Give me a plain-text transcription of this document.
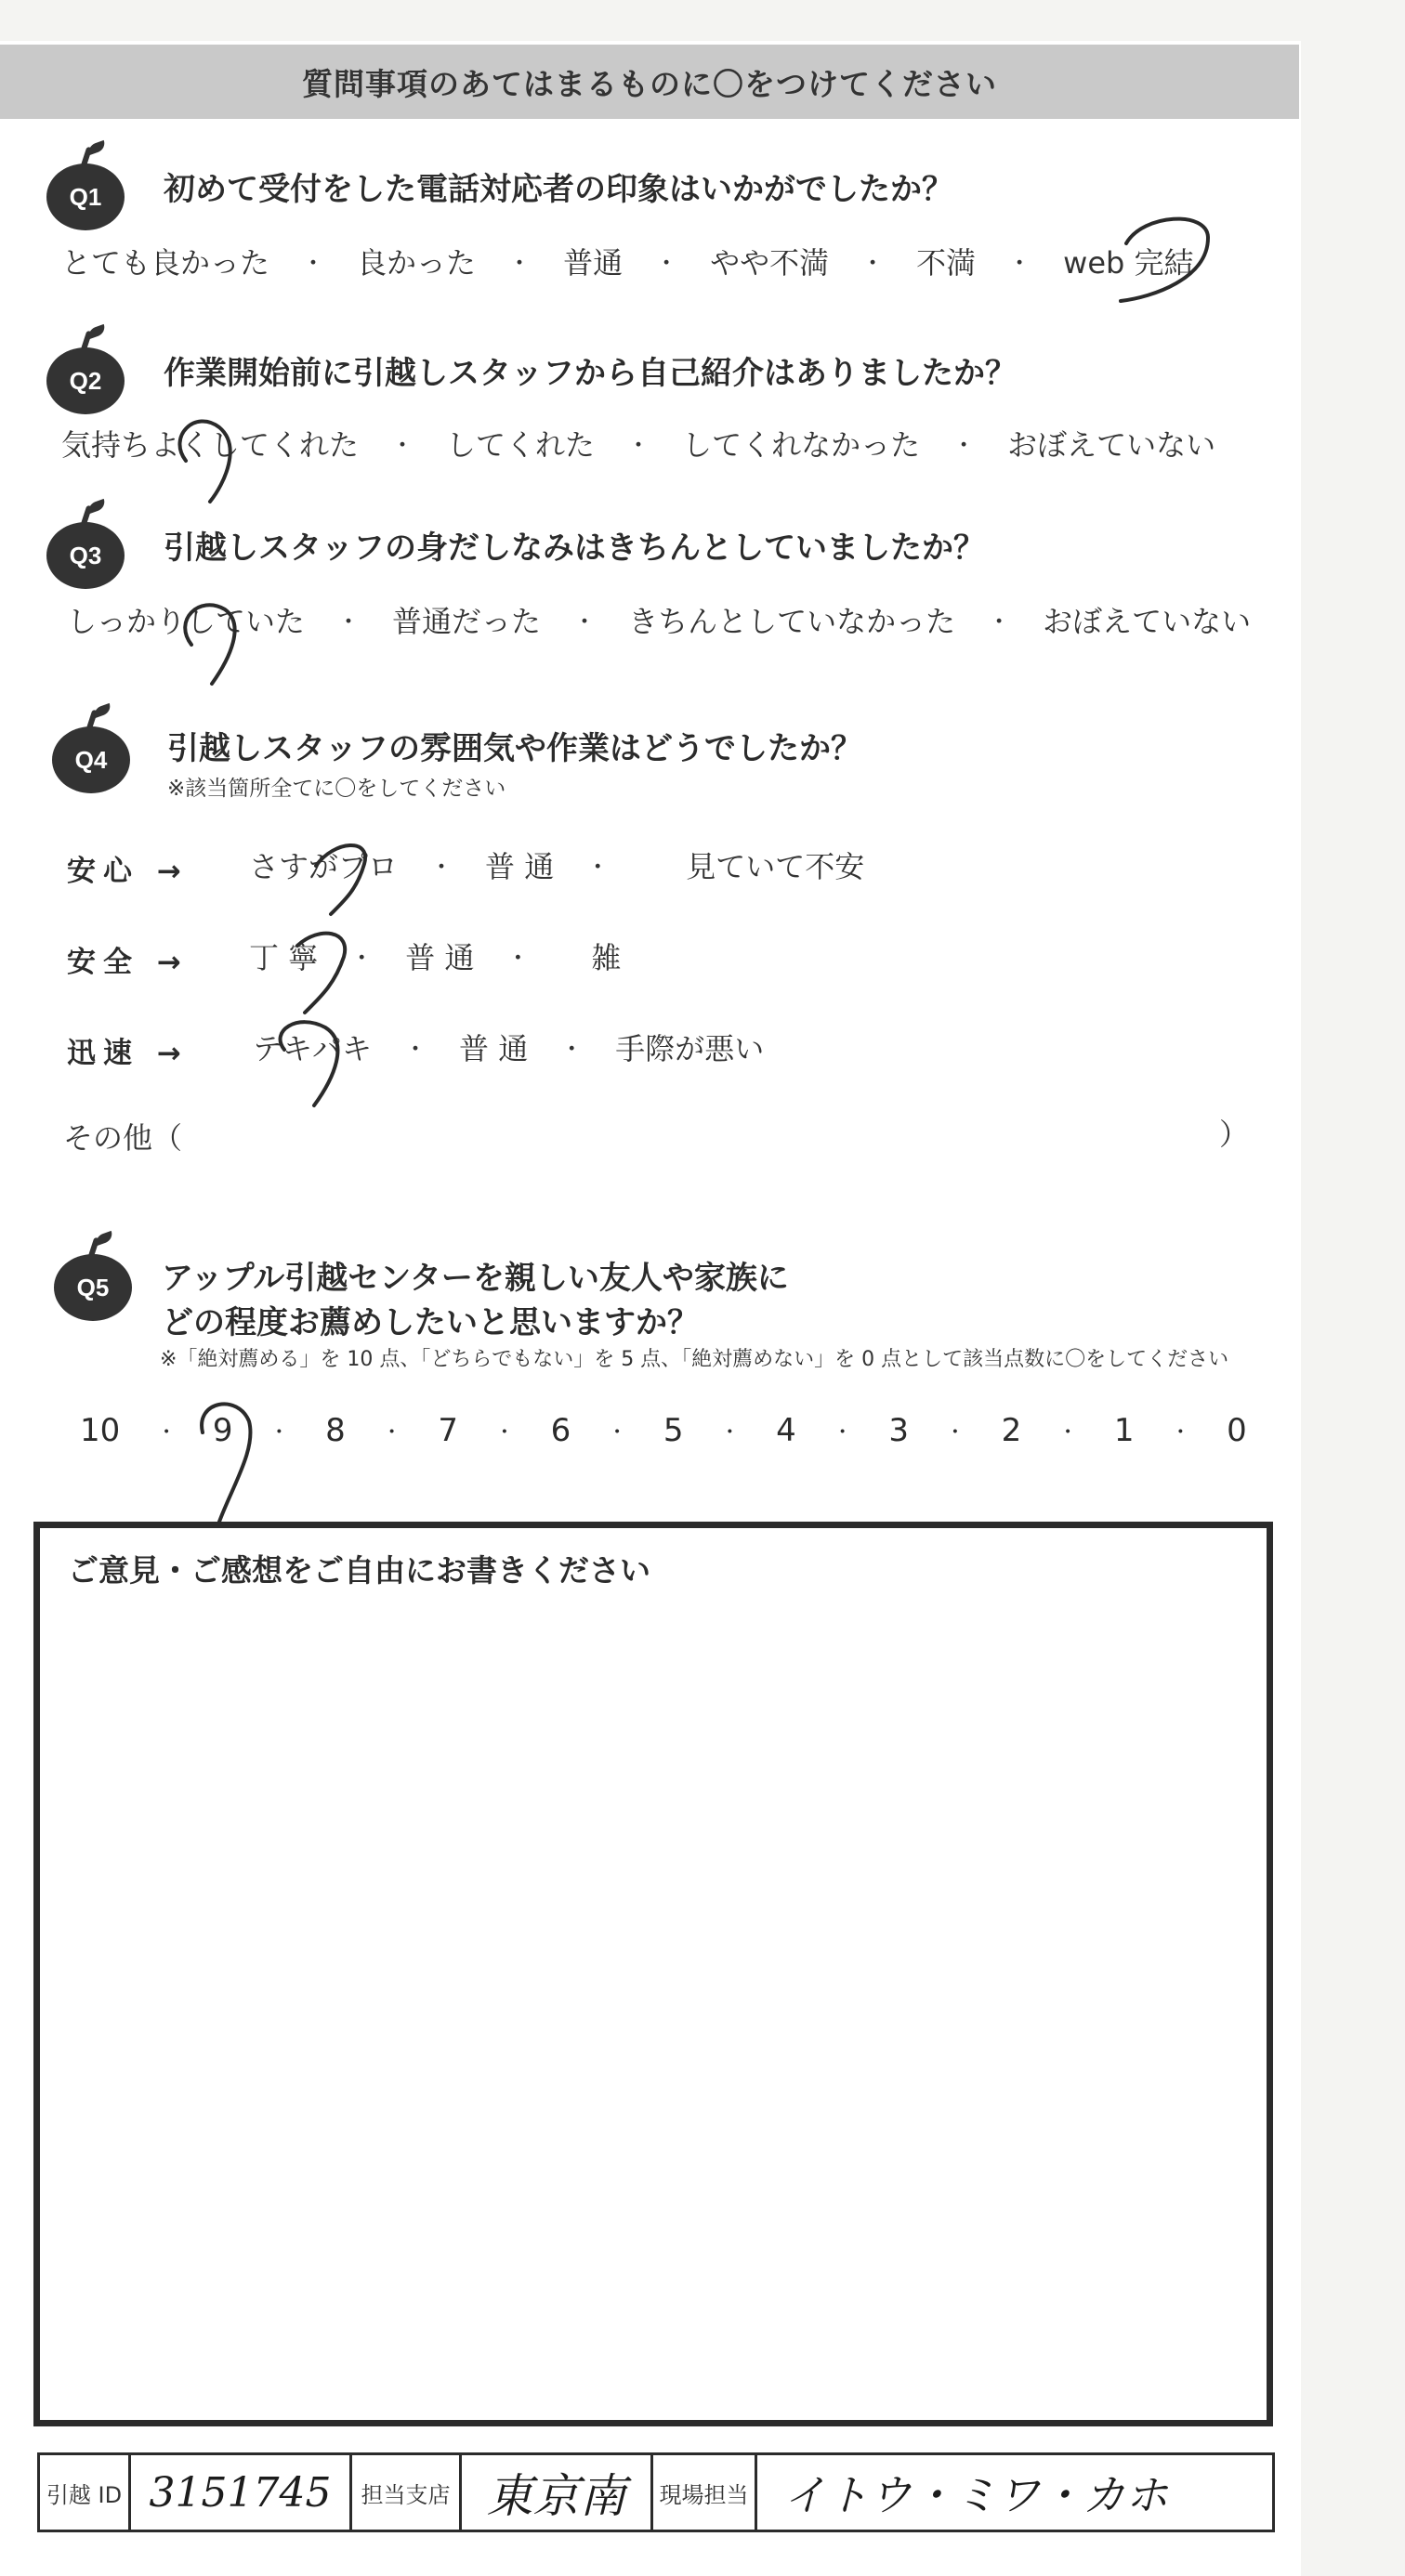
質問事項のあてはまるものに〇をつけてください
Q1	初めて受付をした電話対応者の印象はいかがでしたか？
とても良かった ・ 良かった ・ 普通 ・ やや不満 ・ 不満 ・ web 完結
Q2	作業開始前に引越しスタッフから自己紹介はありましたか？
気持ちよくしてくれた ・ してくれた ・ してくれなかった ・ おぼえていない
Q3	引越しスタッフの身だしなみはきちんとしていましたか？
しっかりしていた ・ 普通だった ・ きちんとしていなかった ・ おぼえていない
Q4	引越しスタッフの雰囲気や作業はどうでしたか？
※該当箇所全てに〇をしてください
安心 → さすがプロ ・ 普 通 ・	見ていて不安
安全 → 丁 寧 ・ 普 通 ・ 雑
迅速 → テキパキ ・ 普 通 ・ 手際が悪い
その他（	）
Q5	アップル引越センターを親しい友人や家族に
どの程度お薦めしたいと思いますか？
※「絶対薦める」を 10 点、「どちらでもない」を 5 点、「絶対薦めない」を 0 点として該当点数に〇をしてください
10 ・ 9 ・ 8 ・ 7 ・ 6 ・ 5 ・ 4 ・ 3 ・ 2 ・ 1 ・ 0
ご意見・ご感想をご自由にお書きください
引越 ID 3151745 担当支店 東京南 現場担当 イトウ・ミワ・カホ
